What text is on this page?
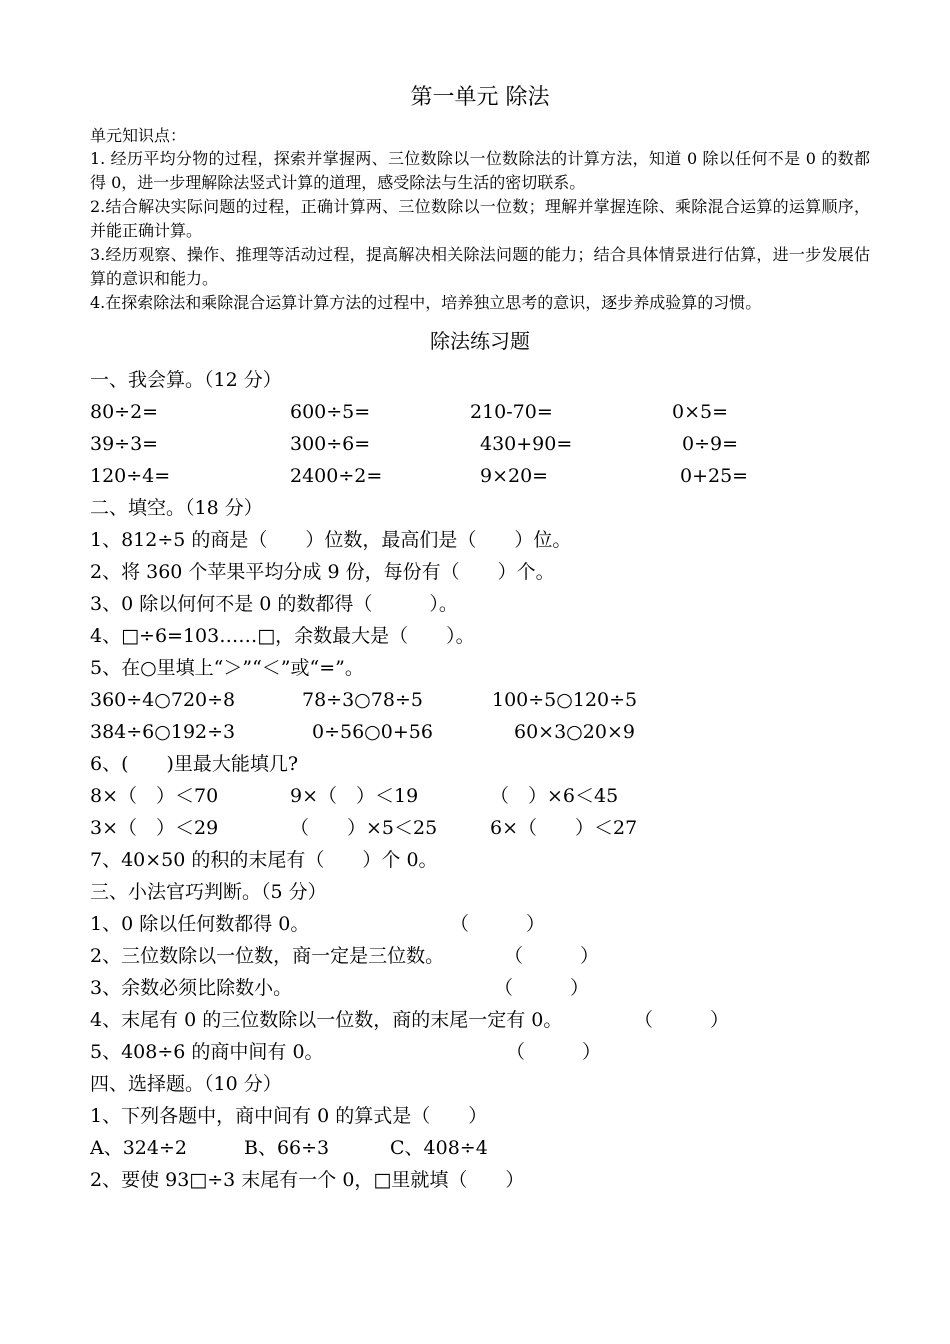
第一单元 除法
单元知识点：
1. 经历平均分物的过程，探索并掌握两、三位数除以一位数除法的计算方法，知道 0 除以任何不是 0 的数都得 0，进一步理解除法竖式计算的道理，感受除法与生活的密切联系。
2.结合解决实际问题的过程，正确计算两、三位数除以一位数；理解并掌握连除、乘除混合运算的运算顺序，并能正确计算。
3.经历观察、操作、推理等活动过程，提高解决相关除法问题的能力；结合具体情景进行估算，进一步发展估算的意识和能力。
4.在探索除法和乘除混合运算计算方法的过程中，培养独立思考的意识，逐步养成验算的习惯。
除法练习题
一、我会算。（12 分）
80÷2=	600÷5=	210-70=	0×5=
39÷3=	300÷6=	430+90=	0÷9=
120÷4=	2400÷2=	9×20=	0+25=
二、填空。（18 分）
1、812÷5 的商是（　　）位数，最高们是（　　）位。
2、将 360 个苹果平均分成 9 份，每份有（　　）个。
3、0 除以何何不是 0 的数都得（　　　）。
4、□÷6=103……□，余数最大是（　　）。
5、在○里填上“＞”“＜”或“=”。
360÷4○720÷8	78÷3○78÷5	100÷5○120÷5
384÷6○192÷3	0÷56○0+56	60×3○20×9
6、(　　)里最大能填几?
8×（　）＜70	9×（　）＜19	（　）×6＜45
3×（　）＜29	（　　）×5＜25	6×（　　）＜27
7、40×50 的积的末尾有（　　）个 0。
三、小法官巧判断。（5 分）
1、0 除以任何数都得 0。	（　　　）
2、三位数除以一位数，商一定是三位数。	（　　　）
3、余数必须比除数小。	（　　　）
4、末尾有 0 的三位数除以一位数，商的末尾一定有 0。	（　　　）
5、408÷6 的商中间有 0。	（　　　）
四、选择题。（10 分）
1、下列各题中，商中间有 0 的算式是（　　）
A、324÷2	B、66÷3	C、408÷4
2、要使 93□÷3 末尾有一个 0，□里就填（　　）
